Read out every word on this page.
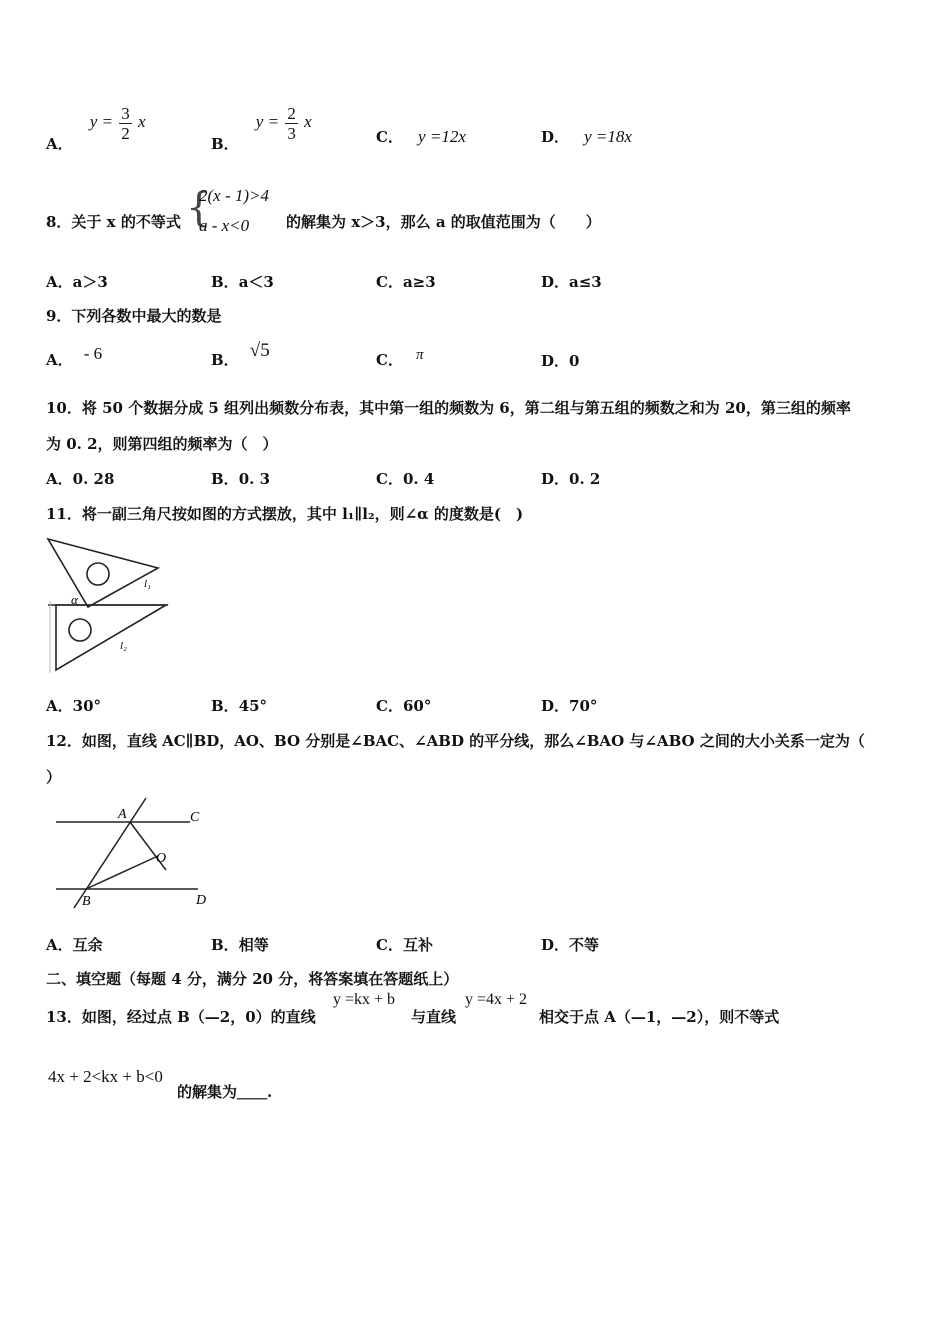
A． $y = \frac{3}{2}$ x
B． $y = \frac{2}{3}$ x
C． y =12x	D． y =18x
8．关于 x 的不等式 {
2(x - 1)>4
a - x<0 的解集为 x＞3，那么 a 的取值范围为（　　）
A．a＞3	B．a＜3	C．a≥3	D．a≤3
9．下列各数中最大的数是
A． - 6	B． √5	C． π	D．0
10．将 50 个数据分成 5 组列出频数分布表，其中第一组的频数为 6，第二组与第五组的频数之和为 20，第三组的频率
为 0. 2，则第四组的频率为（　）
A．0. 28	B．0. 3	C．0. 4	D．0. 2
11．将一副三角尺按如图的方式摆放，其中 l₁∥l₂，则∠α 的度数是(　)
α
l₁
l₂
A．30°	B．45°	C．60°	D．70°
12．如图，直线 AC∥BD，AO、BO 分别是∠BAC、∠ABD 的平分线，那么∠BAO 与∠ABO 之间的大小关系一定为（
）
A	C
O
B	D
A．互余	B．相等	C．互补	D．不等
二、填空题（每题 4 分，满分 20 分，将答案填在答题纸上）
13．如图，经过点 B（—2，0）的直线
y =kx + b
与直线
y =4x + 2
相交于点 A（—1，—2），则不等式
4x + 2<kx + b<0
的解集为＿＿.
